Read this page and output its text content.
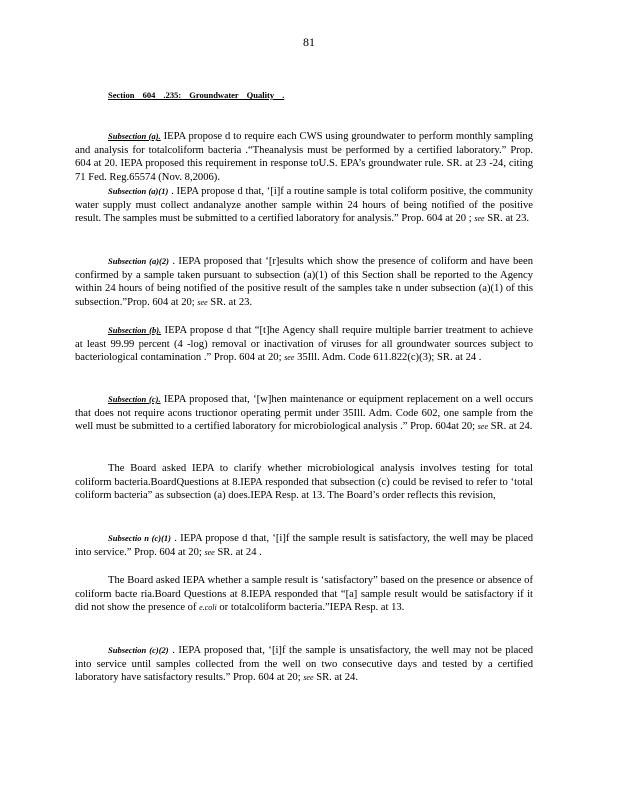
81
Section 604 .235: Groundwater Quality .

Subsection (a). IEPA propose d to require each CWS using groundwater to perform monthly sampling and analysis for totalcoliform bacteria .“Theanalysis must be performed by a certified laboratory.” Prop. 604 at 20. IEPA proposed this requirement in response toU.S. EPA’s groundwater rule. SR. at 23 -24, citing 71 Fed. Reg.65574 (Nov. 8,2006).

Subsection (a)(1) . IEPA propose d that, ‘[i]f a routine sample is total coliform positive, the community water supply must collect andanalyze another sample within 24 hours of being notified of the positive result. The samples must be submitted to a certified laboratory for analysis.” Prop. 604 at 20 ; see SR. at 23.

Subsection (a)(2) . IEPA proposed that ‘[r]esults which show the presence of coliform and have been confirmed by a sample taken pursuant to subsection (a)(1) of this Section shall be reported to the Agency within 24 hours of being notified of the positive result of the samples take n under subsection (a)(1) of this subsection.”Prop. 604 at 20; see SR. at 23.

Subsection (b). IEPA propose d that “[t]he Agency shall require multiple barrier treatment to achieve at least 99.99 percent (4 -log) removal or inactivation of viruses for all groundwater sources subject to bacteriological contamination .” Prop. 604 at 20; see 35Ill. Adm. Code 611.822(c)(3); SR. at 24 .

Subsection (c). IEPA proposed that, ‘[w]hen maintenance or equipment replacement on a well occurs that does not require acons tructionor operating permit under 35Ill. Adm. Code 602, one sample from the well must be submitted to a certified laboratory for microbiological analysis .” Prop. 604at 20; see SR. at 24.

The Board asked IEPA to clarify whether microbiological analysis involves testing for total coliform bacteria.BoardQuestions at 8.IEPA responded that subsection (c) could be revised to refer to ‘total coliform bacteria” as subsection (a) does.IEPA Resp. at 13. The Board’s order reflects this revision,

Subsectio n (c)(1) . IEPA propose d that, ‘[i]f the sample result is satisfactory, the well may be placed into service.” Prop. 604 at 20; see SR. at 24 .

The Board asked IEPA whether a sample result is ‘satisfactory” based on the presence or absence of coliform bacte ria.Board Questions at 8.IEPA responded that “[a] sample result would be satisfactory if it did not show the presence of e.coli or totalcoliform bacteria.”IEPA Resp. at 13.

Subsection (c)(2) . IEPA proposed that, ‘[i]f the sample is unsatisfactory, the well may not be placed into service until samples collected from the well on two consecutive days and tested by a certified laboratory have satisfactory results.” Prop. 604 at 20; see SR. at 24.
